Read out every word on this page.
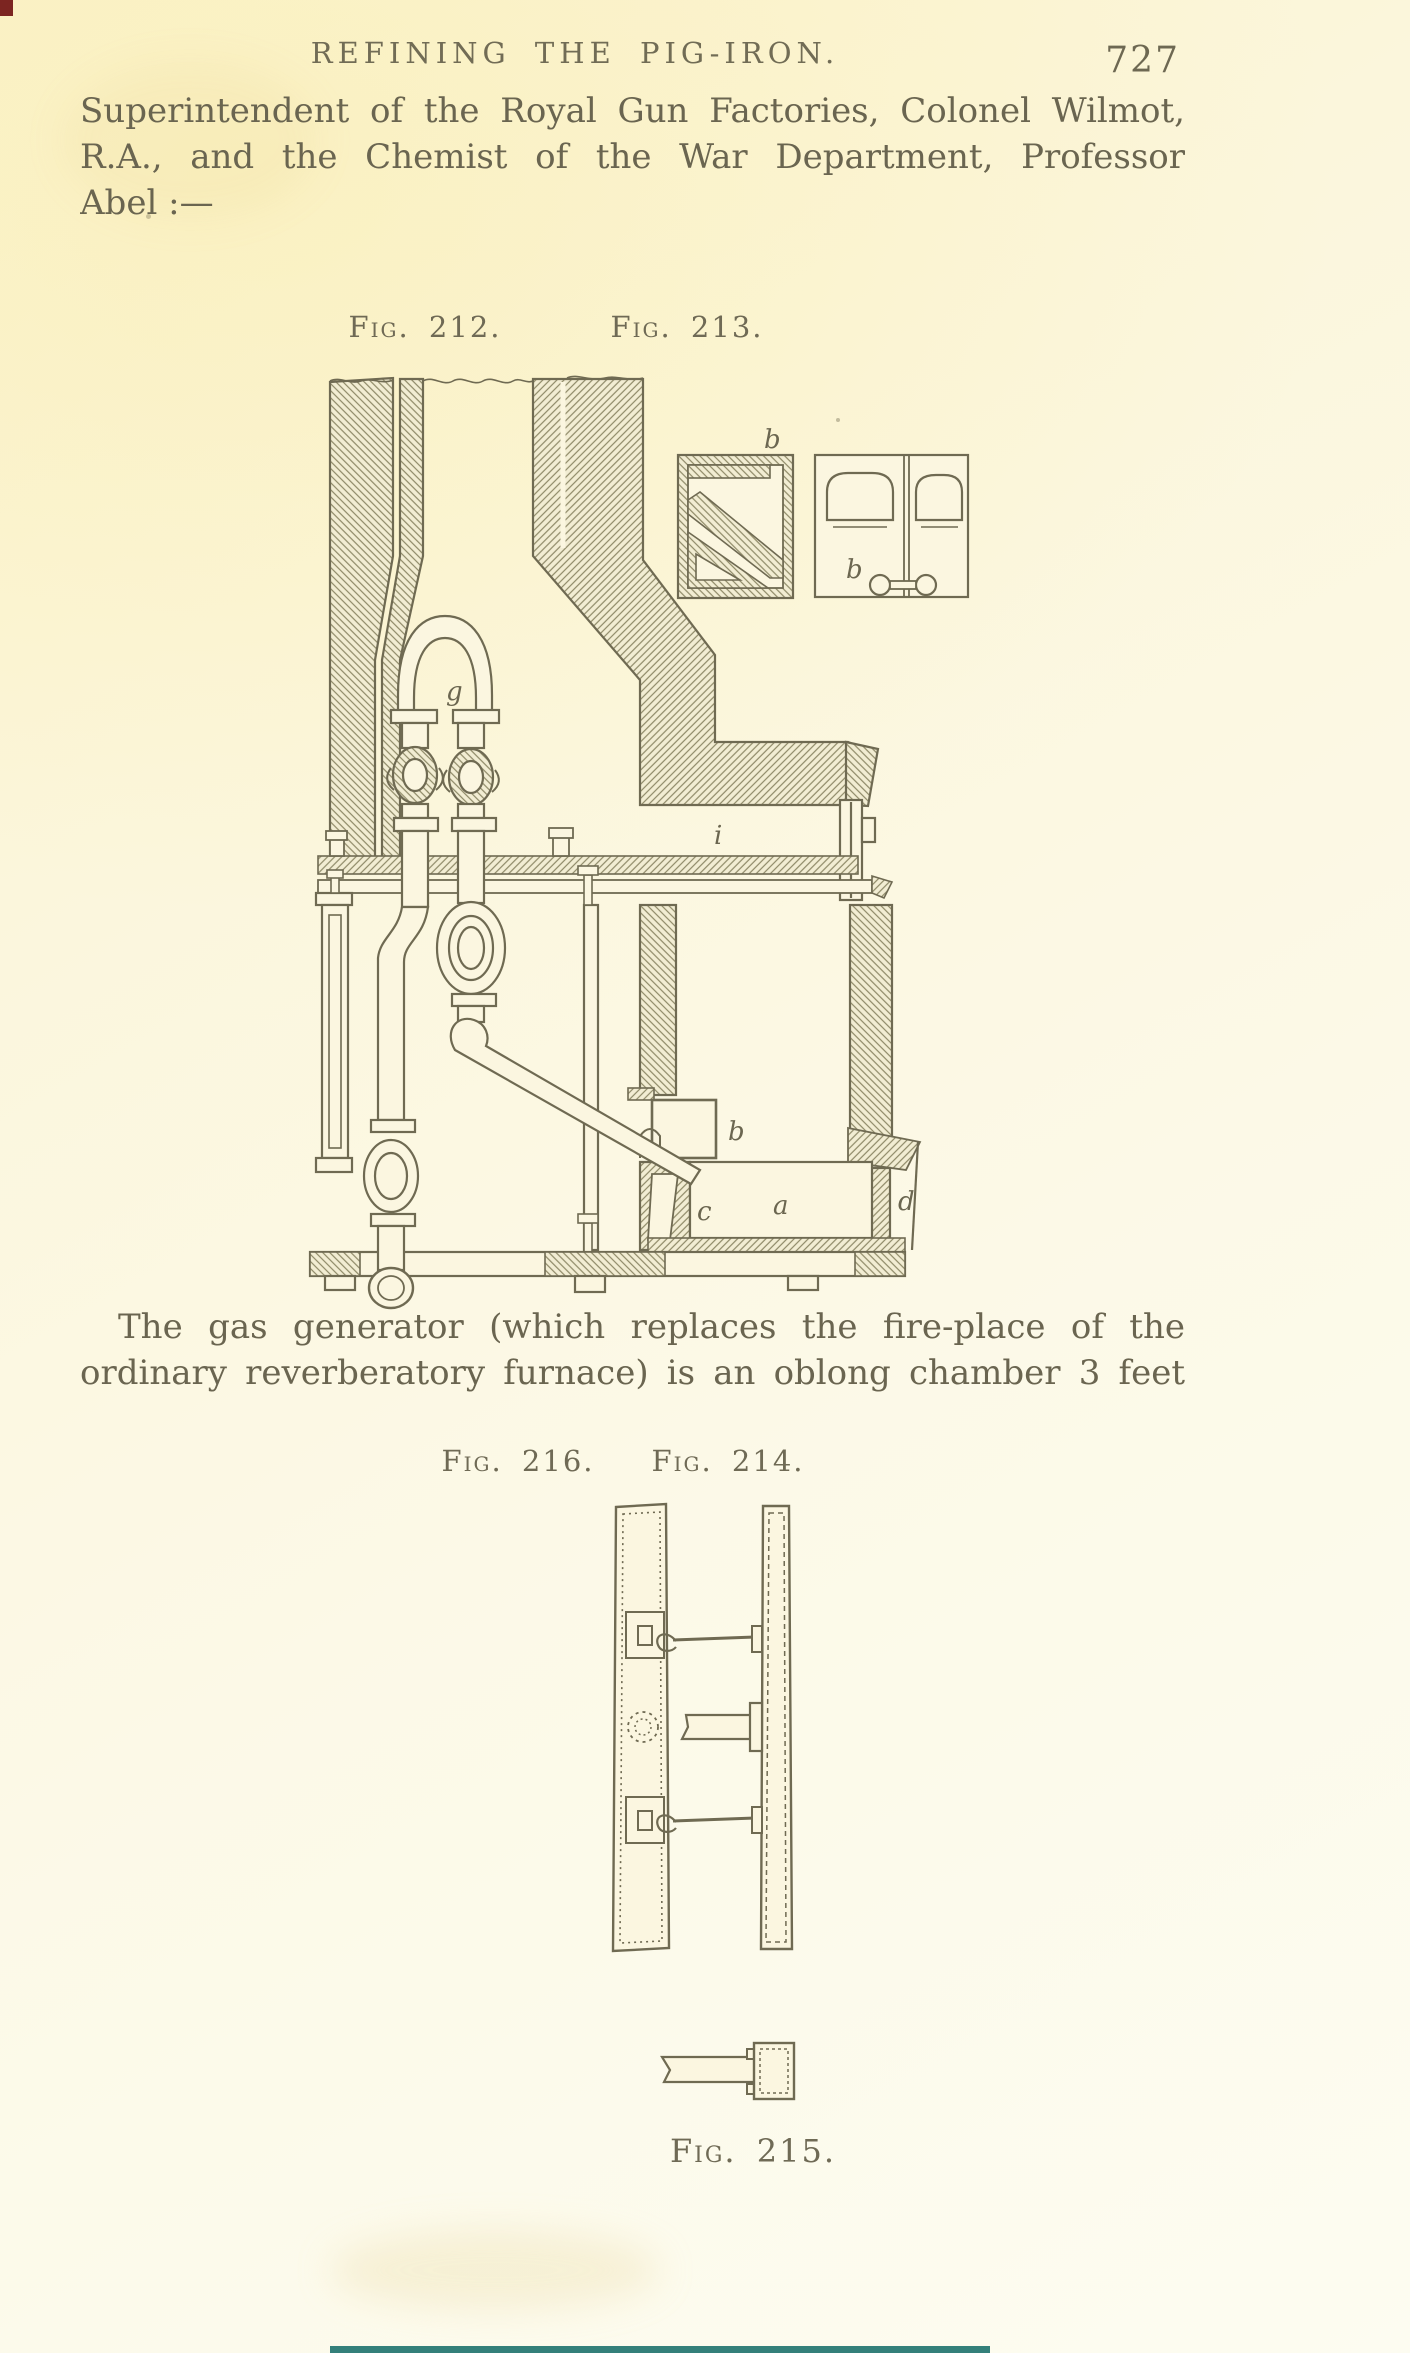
REFINING THE PIG-IRON.	727
Superintendent of the Royal Gun Factories, Colonel Wilmot,
R.A., and the Chemist of the War Department, Professor
Abel :—
Fig. 212.	Fig. 213.
g
i
b
b
b
c a	d
The gas generator (which replaces the fire-place of the
ordinary reverberatory furnace) is an oblong chamber 3 feet
Fig. 216.	Fig. 214.
Fig. 215.
